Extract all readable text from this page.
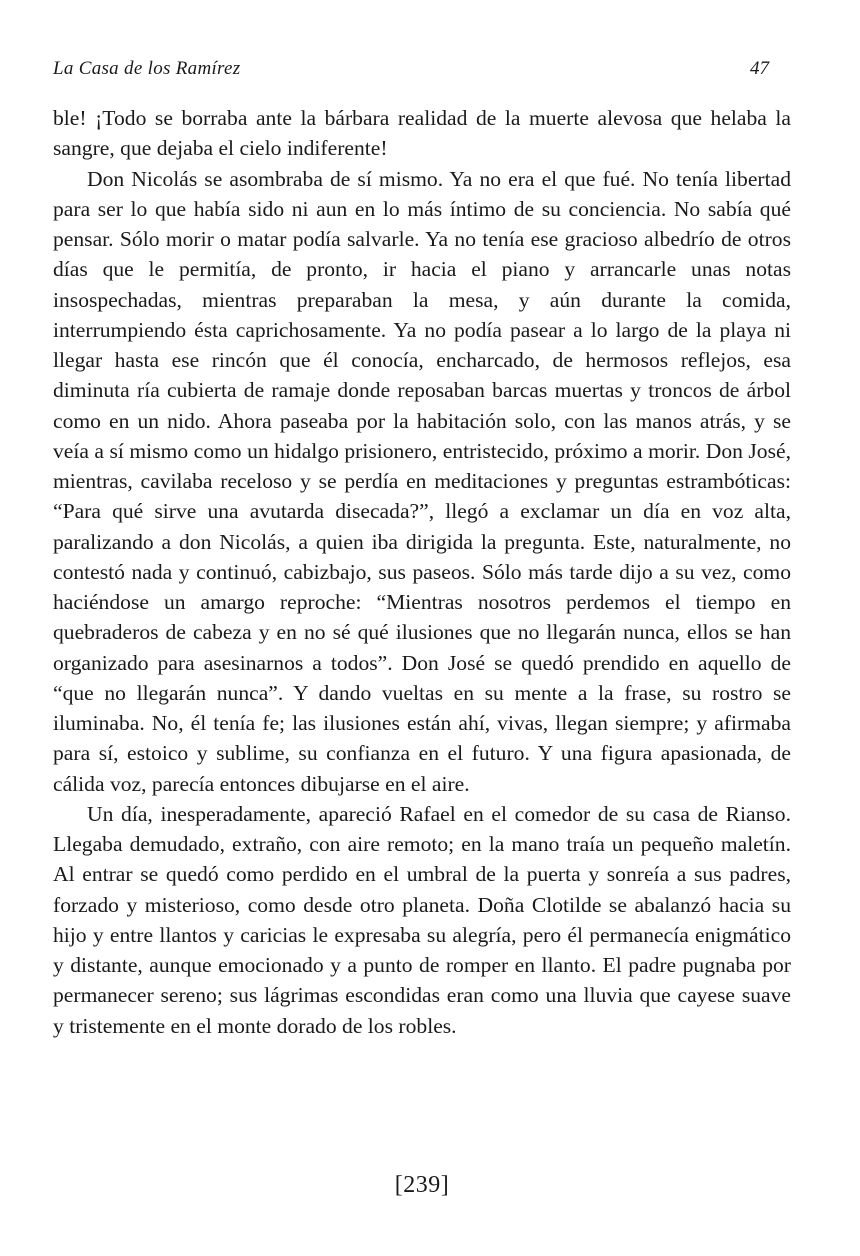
La Casa de los Ramírez	47

ble! ¡Todo se borraba ante la bárbara realidad de la muerte alevosa que helaba la sangre, que dejaba el cielo indiferente!

Don Nicolás se asombraba de sí mismo. Ya no era el que fué. No tenía libertad para ser lo que había sido ni aun en lo más íntimo de su conciencia. No sabía qué pensar. Sólo morir o matar podía salvarle. Ya no tenía ese gracioso albedrío de otros días que le permitía, de pronto, ir hacia el piano y arrancarle unas notas insospechadas, mientras preparaban la mesa, y aún durante la comida, interrumpiendo ésta caprichosamente. Ya no podía pasear a lo largo de la playa ni llegar hasta ese rincón que él conocía, encharcado, de hermosos reflejos, esa diminuta ría cubierta de ramaje donde reposaban barcas muertas y troncos de árbol como en un nido. Ahora paseaba por la habitación solo, con las manos atrás, y se veía a sí mismo como un hidalgo prisionero, entristecido, próximo a morir. Don José, mientras, cavilaba receloso y se perdía en meditaciones y preguntas estrambóticas: “Para qué sirve una avutarda disecada?”, llegó a exclamar un día en voz alta, paralizando a don Nicolás, a quien iba dirigida la pregunta. Este, naturalmente, no contestó nada y continuó, cabizbajo, sus paseos. Sólo más tarde dijo a su vez, como haciéndose un amargo reproche: “Mientras nosotros perdemos el tiempo en quebraderos de cabeza y en no sé qué ilusiones que no llegarán nunca, ellos se han organizado para asesinarnos a todos”. Don José se quedó prendido en aquello de “que no llegarán nunca”. Y dando vueltas en su mente a la frase, su rostro se iluminaba. No, él tenía fe; las ilusiones están ahí, vivas, llegan siempre; y afirmaba para sí, estoico y sublime, su confianza en el futuro. Y una figura apasionada, de cálida voz, parecía entonces dibujarse en el aire.

Un día, inesperadamente, apareció Rafael en el comedor de su casa de Rianso. Llegaba demudado, extraño, con aire remoto; en la mano traía un pequeño maletín. Al entrar se quedó como perdido en el umbral de la puerta y sonreía a sus padres, forzado y misterioso, como desde otro planeta. Doña Clotilde se abalanzó hacia su hijo y entre llantos y caricias le expresaba su alegría, pero él permanecía enigmático y distante, aunque emocionado y a punto de romper en llanto. El padre pugnaba por permanecer sereno; sus lágrimas escondidas eran como una lluvia que cayese suave y tristemente en el monte dorado de los robles.

[239]
